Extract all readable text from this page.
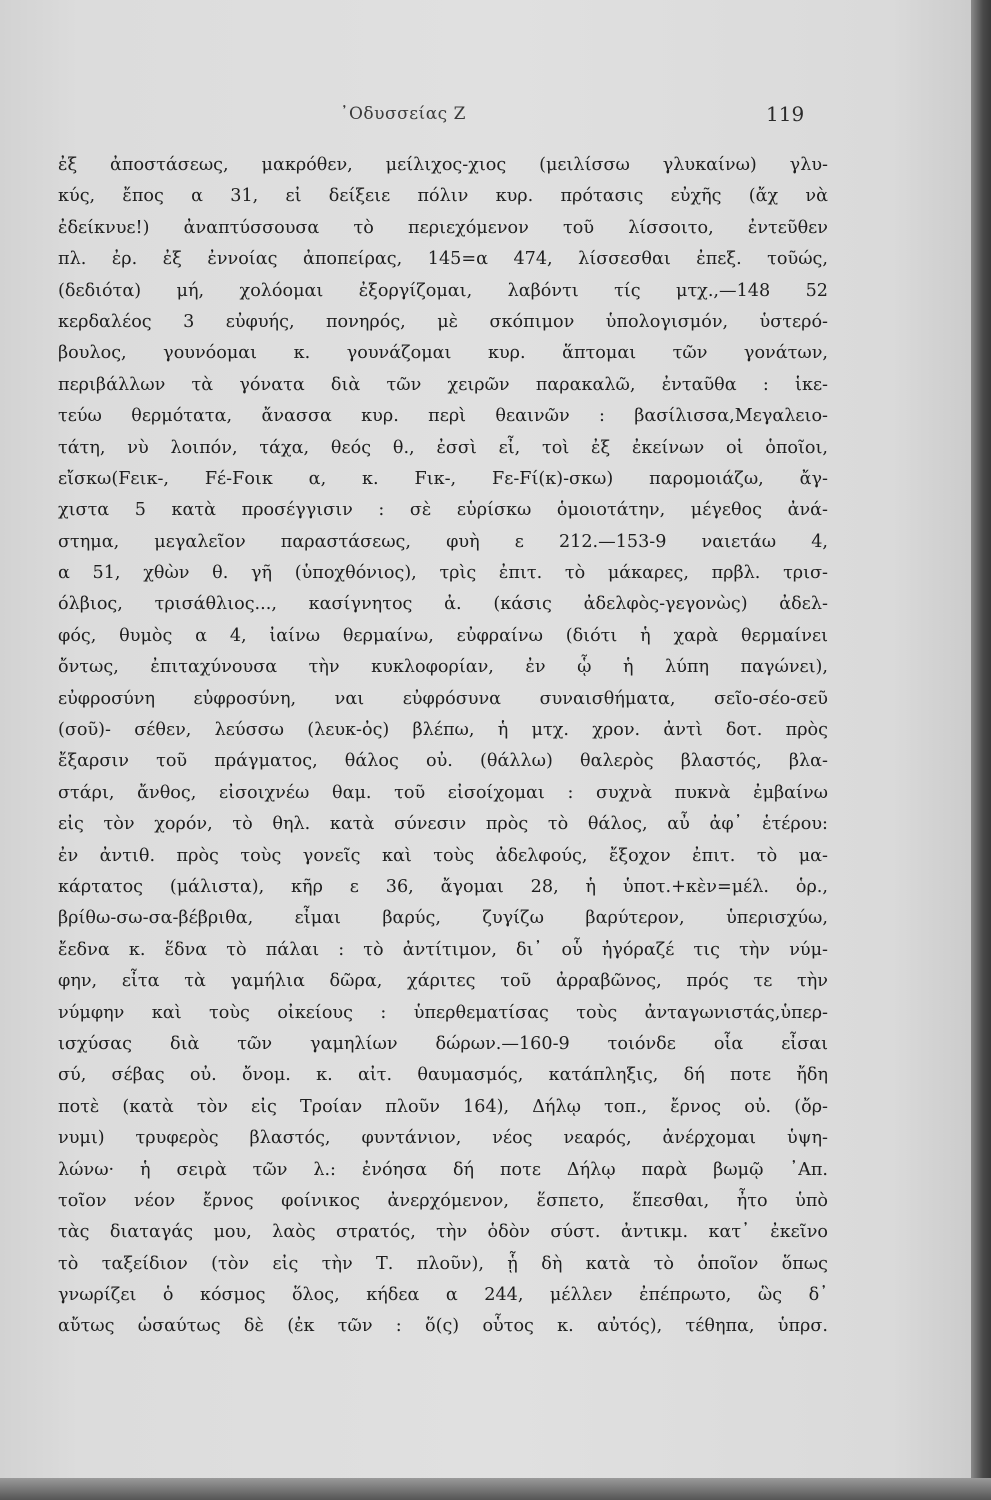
᾿Οδυσσείας Ζ	119
ἐξ ἀποστάσεως, μακρόθεν, μείλιχος-χιος (μειλίσσω γλυκαίνω) γλυ-
κύς, ἔπος α 31, εἰ δείξειε πόλιν κυρ. πρότασις εὐχῆς (ἄχ νὰ
ἐδείκνυε!) ἀναπτύσσουσα τὸ περιεχόμενον τοῦ λίσσοιτο, ἐντεῦθεν
πλ. ἐρ. ἐξ ἐννοίας ἀποπείρας, 145=α 474, λίσσεσθαι ἐπεξ. τοῦώς,
(δεδιότα) μή, χολόομαι ἐξοργίζομαι, λαβόντι τίς μτχ.,—148 52
κερδαλέος 3 εὐφυής, πονηρός, μὲ σκόπιμον ὑπολογισμόν, ὑστερό-
βουλος, γουνόομαι κ. γουνάζομαι κυρ. ἅπτομαι τῶν γονάτων,
περιβάλλων τὰ γόνατα διὰ τῶν χειρῶν παρακαλῶ, ἐνταῦθα : ἱκε-
τεύω θερμότατα, ἄνασσα κυρ. περὶ θεαινῶν : βασίλισσα,Μεγαλειο-
τάτη, νὺ λοιπόν, τάχα, θεός θ., ἐσσὶ εἶ, τοὶ ἐξ ἐκείνων οἱ ὁποῖοι,
εἴσκω(Fεικ-, Fέ-Fοικ α, κ. Fικ-, Fε-Fί(κ)-σκω) παρομοιάζω, ἄγ-
χιστα 5 κατὰ προσέγγισιν : σὲ εὑρίσκω ὁμοιοτάτην, μέγεθος ἀνά-
στημα, μεγαλεῖον παραστάσεως, φυὴ ε 212.—153-9 ναιετάω 4,
α 51, χθὼν θ. γῆ (ὑποχθόνιος), τρὶς ἐπιτ. τὸ μάκαρες, πρβλ. τρισ-
όλβιος, τρισάθλιος..., κασίγνητος ἀ. (κάσις ἀδελφὸς-γεγονὼς) ἀδελ-
φός, θυμὸς α 4, ἰαίνω θερμαίνω, εὐφραίνω (διότι ἡ χαρὰ θερμαίνει
ὄντως, ἐπιταχύνουσα τὴν κυκλοφορίαν, ἐν ᾧ ἡ λύπη παγώνει),
εὐφροσύνη εὐφροσύνη, ναι εὐφρόσυνα συναισθήματα, σεῖο-σέο-σεῦ
(σοῦ)- σέθεν, λεύσσω (λευκ-ὀς) βλέπω, ἡ μτχ. χρον. ἀντὶ δοτ. πρὸς
ἔξαρσιν τοῦ πράγματος, θάλος οὐ. (θάλλω) θαλερὸς βλαστός, βλα-
στάρι, ἄνθος, εἰσοιχνέω θαμ. τοῦ εἰσοίχομαι : συχνὰ πυκνὰ ἐμβαίνω
εἰς τὸν χορόν, τὸ θηλ. κατὰ σύνεσιν πρὸς τὸ θάλος, αὖ ἀφ᾿ ἑτέρου:
ἐν ἀντιθ. πρὸς τοὺς γονεῖς καὶ τοὺς ἀδελφούς, ἔξοχον ἐπιτ. τὸ μα-
κάρτατος (μάλιστα), κῆρ ε 36, ἄγομαι 28, ἡ ὑποτ.+κὲν=μέλ. ὁρ.,
βρίθω-σω-σα-βέβριθα, εἶμαι βαρύς, ζυγίζω βαρύτερον, ὑπερισχύω,
ἔεδνα κ. ἕδνα τὸ πάλαι : τὸ ἀντίτιμον, δι᾿ οὗ ἠγόραζέ τις τὴν νύμ-
φην, εἶτα τὰ γαμήλια δῶρα, χάριτες τοῦ ἀρραβῶνος, πρός τε τὴν
νύμφην καὶ τοὺς οἰκείους : ὑπερθεματίσας τοὺς ἀνταγωνιστάς,ὑπερ-
ισχύσας διὰ τῶν γαμηλίων δώρων.—160-9 τοιόνδε οἷα εἶσαι
σύ, σέβας οὐ. ὄνομ. κ. αἰτ. θαυμασμός, κατάπληξις, δή ποτε ἤδη
ποτὲ (κατὰ τὸν εἰς Τροίαν πλοῦν 164), Δήλῳ τοπ., ἔρνος οὐ. (ὄρ-
νυμι) τρυφερὸς βλαστός, φυντάνιον, νέος νεαρός, ἀνέρχομαι ὑψη-
λώνω· ἡ σειρὰ τῶν λ.: ἐνόησα δή ποτε Δήλῳ παρὰ βωμῷ ᾿Απ.
τοῖον νέον ἔρνος φοίνικος ἀνερχόμενον, ἕσπετο, ἕπεσθαι, ἦτο ὑπὸ
τὰς διαταγάς μου, λαὸς στρατός, τὴν ὁδὸν σύστ. ἀντικμ. κατ᾿ ἐκεῖνο
τὸ ταξείδιον (τὸν εἰς τὴν Τ. πλοῦν), ᾗ δὴ κατὰ τὸ ὁποῖον ὅπως
γνωρίζει ὁ κόσμος ὅλος, κήδεα α 244, μέλλεν ἐπέπρωτο, ὣς δ᾿
αὔτως ὡσαύτως δὲ (ἐκ τῶν : ὅ(ς) οὗτος κ. αὐτός), τέθηπα, ὑπρσ.
